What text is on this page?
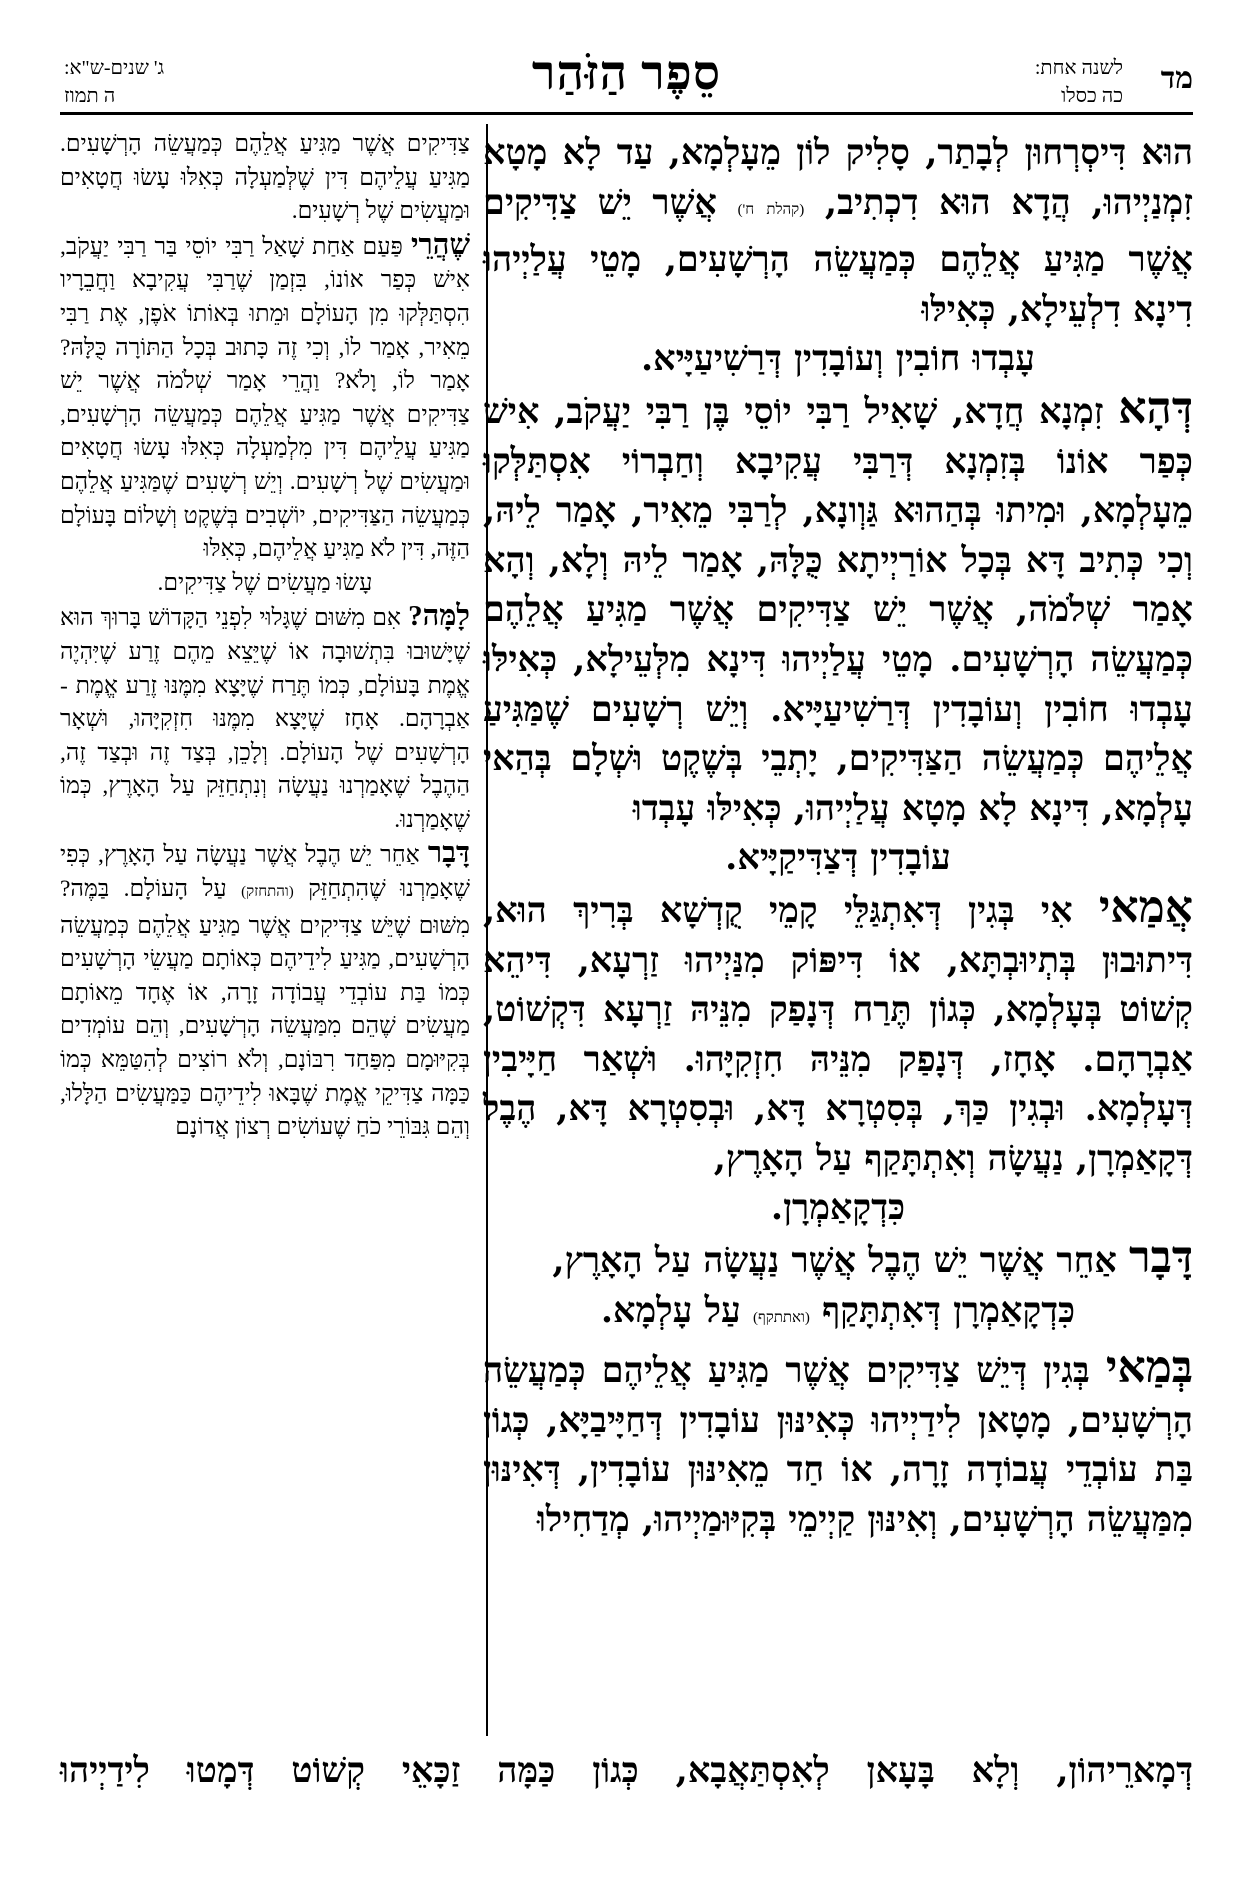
מד
לשנה אחת:
כה כסלו
סֵפֶר הַזֹּהַר
ג' שנים-ש"א:
ה תמוז

הוּא דִּיסְרְחוּן לְבָתַר, סָלִיק לוֹן מֵעָלְמָא, עַד לָא מָטָא זִמְנַיְיהוּ, הֲדָא הוּא דִכְתִיב, (קהלת ח') אֲשֶׁר יֵשׁ צַדִּיקִים אֲשֶׁר מַגִּיעַ אֲלֵהֶם כְּמַעֲשֵׂה הָרְשָׁעִים, מָטֵי עֲלַיְיהוּ דִינָא דִלְעֵילָא, כְּאִילּוּ

עָבְדוּ חוֹבִין וְעוֹבָדִין דְּרַשִׁיעַיָּיא.

דְּהָא זִמְנָא חֲדָא, שָׁאִיל רַבִּי יוֹסֵי בֶּן רַבִּי יַעֲקֹב, אִישׁ כְּפַר אוֹנוֹ בְּזִמְנָא דְּרַבִּי עֲקִיבָא וְחַבְרוֹי אִסְתַּלְּקוּ מֵעָלְמָא, וּמִיתוּ בְּהַהוּא גַּוְונָא, לְרַבִּי מֵאִיר, אָמַר לֵיהּ, וְכִי כְּתִיב דָּא בְּכָל אוֹרַיְיתָא כֻּלָּהּ, אָמַר לֵיהּ וְלָא, וְהָא אָמַר שְׁלֹמֹה, אֲשֶׁר יֵשׁ צַדִּיקִים אֲשֶׁר מַגִּיעַ אֲלֵהֶם כְּמַעֲשֵׂה הָרְשָׁעִים. מָטֵי עֲלַיְיהוּ דִּינָא מִלְּעֵילָא, כְּאִילּוּ עָבְדוּ חוֹבִין וְעוֹבָדִין דְּרַשִׁיעַיָּיא. וְיֵשׁ רְשָׁעִים שֶׁמַּגִּיעַ אֲלֵיהֶם כְּמַעֲשֵׂה הַצַּדִּיקִים, יָתְבֵי בְּשֶׁקֶט וּשְׁלָם בְּהַאי עָלְמָא, דִּינָא לָא מָטָא עֲלַיְיהוּ, כְּאִילּוּ עָבְדוּ

עוֹבָדִין דְּצַדִּיקַיָּיא.

אֲמַאי אִי בְּגִין דְּאִתְגַּלֵּי קָמֵי קֻדְשָׁא בְּרִיךְ הוּא, דִּיתוּבוּן בְּתְיוּבְתָּא, אוֹ דִּיפּוֹק מִנַּיְיהוּ זַרְעָא, דִּיהֵא קְשׁוֹט בְּעָלְמָא, כְּגוֹן תֶּרַח דְּנָפַק מִנֵּיהּ זַרְעָא דִּקְשׁוֹט, אַבְרָהָם. אָחָז, דְּנָפַק מִנֵּיהּ חִזְקִיָּהוּ. וּשְׁאַר חַיָּיבִין דְּעָלְמָא. וּבְגִין כַּךְ, בְּסִטְרָא דָּא, וּבְסִטְרָא דָּא, הֶבֶל דְּקָאַמְרָן, נַעֲשָׂה וְאִתְתָּקַף עַל הָאָרֶץ,

כִּדְקָאַמְרָן.

דָּבָר אַחֵר אֲשֶׁר יֵשׁ הֶבֶל אֲשֶׁר נַעֲשָׂה עַל הָאָרֶץ,

כִּדְקָאַמְרָן דְּאִתְתָּקַף (ואתתקף) עַל עָלְמָא.

בְּמַאי בְּגִין דְּיֵשׁ צַדִּיקִים אֲשֶׁר מַגִּיעַ אֲלֵיהֶם כְּמַעֲשֵׂה הָרְשָׁעִים, מָטָאן לִידַיְיהוּ כְּאִינּוּן עוֹבָדִין דְּחַיָּיבַיָּא, כְּגוֹן בַּת עוֹבְדֵי עֲבוֹדָה זָרָה, אוֹ חַד מֵאִינּוּן עוֹבָדִין, דְּאִינּוּן מִמַּעֲשֵׂה הָרְשָׁעִים, וְאִינּוּן קַיְימֵי בְּקִיּוּמַיְיהוּ, מְדַחִילוּ

צַדִּיקִים אֲשֶׁר מַגִּיעַ אֲלֵהֶם כְּמַעֲשֵׂה הָרְשָׁעִים. מַגִּיעַ עֲלֵיהֶם דִּין שֶׁלְּמַעְלָה כְּאִלּוּ עָשׂוּ חֲטָאִים וּמַעֲשִׂים שֶׁל רְשָׁעִים.

שֶׁהֲרֵי פַּעַם אַחַת שָׁאַל רַבִּי יוֹסֵי בַּר רַבִּי יַעֲקֹב, אִישׁ כְּפַר אוֹנוֹ, בִּזְמַן שֶׁרַבִּי עֲקִיבָא וַחֲבֵרָיו הִסְתַּלְּקוּ מִן הָעוֹלָם וּמֵתוּ בְּאוֹתוֹ אֹפֶן, אֶת רַבִּי מֵאִיר, אָמַר לוֹ, וְכִי זֶה כָּתוּב בְּכָל הַתּוֹרָה כֻּלָּהּ? אָמַר לוֹ, וָלֹא? וַהֲרֵי אָמַר שְׁלֹמֹה אֲשֶׁר יֵשׁ צַדִּיקִים אֲשֶׁר מַגִּיעַ אֲלֵהֶם כְּמַעֲשֵׂה הָרְשָׁעִים, מַגִּיעַ עֲלֵיהֶם דִּין מִלְמַעְלָה כְּאִלּוּ עָשׂוּ חֲטָאִים וּמַעֲשִׂים שֶׁל רְשָׁעִים. וְיֵשׁ רְשָׁעִים שֶׁמַּגִּיעַ אֲלֵהֶם כְּמַעֲשֵׂה הַצַּדִּיקִים, יוֹשְׁבִים בְּשֶׁקֶט וְשָׁלוֹם בָּעוֹלָם הַזֶּה, דִּין לֹא מַגִּיעַ אֲלֵיהֶם, כְּאִלּוּ

עָשׂוּ מַעֲשִׂים שֶׁל צַדִּיקִים.

לָמָּה? אִם מִשּׁוּם שֶׁגָּלוּי לִפְנֵי הַקָּדוֹשׁ בָּרוּךְ הוּא שֶׁיָּשׁוּבוּ בִּתְשׁוּבָה אוֹ שֶׁיֵּצֵא מֵהֶם זֶרַע שֶׁיִּהְיֶה אֱמֶת בָּעוֹלָם, כְּמוֹ תֶּרַח שֶׁיָּצָא מִמֶּנּוּ זֶרַע אֱמֶת - אַבְרָהָם. אָחָז שֶׁיָּצָא מִמֶּנּוּ חִזְקִיָּהוּ, וּשְׁאָר הָרְשָׁעִים שֶׁל הָעוֹלָם. וְלָכֵן, בְּצַד זֶה וּבְצַד זֶה, הַהֶבֶל שֶׁאָמַרְנוּ נַעֲשָׂה וְנִתְחַזֵּק עַל הָאָרֶץ, כְּמוֹ שֶׁאָמַרְנוּ.

דָּבָר אַחֵר יֵשׁ הֶבֶל אֲשֶׁר נַעֲשָׂה עַל הָאָרֶץ, כְּפִי שֶׁאָמַרְנוּ שֶׁהִתְחַזֵּק (והתחזק) עַל הָעוֹלָם. בַּמֶּה? מִשּׁוּם שֶׁיֵּשׁ צַדִּיקִים אֲשֶׁר מַגִּיעַ אֲלֵהֶם כְּמַעֲשֵׂה הָרְשָׁעִים, מַגִּיעַ לִידֵיהֶם כְּאוֹתָם מַעֲשֵׂי הָרְשָׁעִים כְּמוֹ בַּת עוֹבְדֵי עֲבוֹדָה זָרָה, אוֹ אֶחָד מֵאוֹתָם מַעֲשִׂים שֶׁהֵם מִמַּעֲשֵׂה הָרְשָׁעִים, וְהֵם עוֹמְדִים בְּקִיּוּמָם מִפַּחַד רִבּוֹנָם, וְלֹא רוֹצִים לְהִטַּמֵּא כְּמוֹ כַּמָּה צַדִּיקֵי אֱמֶת שֶׁבָּאוּ לִידֵיהֶם כַּמַּעֲשִׂים הַלָּלוּ, וְהֵם גִּבּוֹרֵי כֹחַ שֶׁעוֹשִׂים רְצוֹן אֲדוֹנָם

דְּמָארֵיהוֹן, וְלָא בָּעָאן לְאִסְתַּאֲבָא, כְּגוֹן כַּמָּה זַכָּאֵי קְשׁוֹט דְּמָטוּ לִידַיְיהוּ
